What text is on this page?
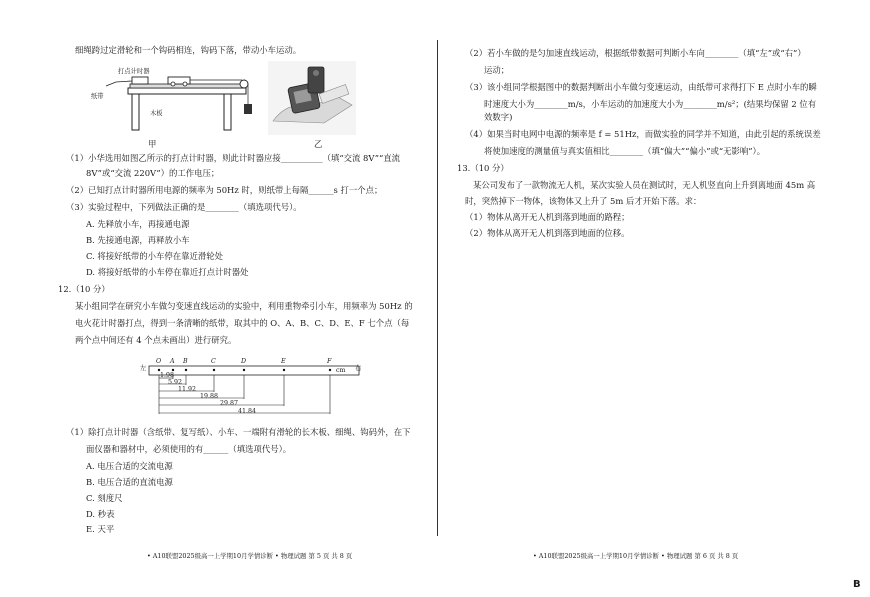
细绳跨过定滑轮和一个钩码相连，钩码下落，带动小车运动。
打点计时器
纸带
木板
甲	乙
（1）小华选用如图乙所示的打点计时器，则此计时器应接__________（填“交流 8V”“直流
8V”或“交流 220V”）的工作电压；
（2）已知打点计时器所用电源的频率为 50Hz 时，则纸带上每隔______s 打一个点；
（3）实验过程中，下列做法正确的是________（填选项代号）。
A. 先释放小车，再接通电源
B. 先接通电源，再释放小车
C. 将接好纸带的小车停在靠近滑轮处
D. 将接好纸带的小车停在靠近打点计时器处
12.（10 分）
某小组同学在研究小车做匀变速直线运动的实验中，利用重物牵引小车，用频率为 50Hz 的
电火花计时器打点，得到一条清晰的纸带，取其中的 O、A、B、C、D、E、F 七个点（每
两个点中间还有 4 个点未画出）进行研究。
左	右
cm
O A B	C	D	E	F
1.98
5.92
11.92
19.88
29.87
41.84
（1）除打点计时器（含纸带、复写纸）、小车、一端附有滑轮的长木板、细绳、钩码外，在下
面仪器和器材中，必须使用的有______（填选项代号）。
A. 电压合适的交流电源
B. 电压合适的直流电源
C. 刻度尺
D. 秒表
E. 天平
• A10联盟2025级高一上学期10月学情诊断 • 物理试题 第 5 页 共 8 页
（2）若小车做的是匀加速直线运动，根据纸带数据可判断小车向________（填“左”或“右”）
运动；
（3）该小组同学根据图中的数据判断出小车做匀变速运动，由纸带可求得打下 E 点时小车的瞬
时速度大小为________m/s，小车运动的加速度大小为________m/s²；(结果均保留 2 位有
效数字)
（4）如果当时电网中电源的频率是 f = 51Hz，而做实验的同学并不知道，由此引起的系统误差
将使加速度的测量值与真实值相比________（填“偏大”“偏小”或“无影响”）。
13.（10 分）
某公司发布了一款物流无人机，某次实验人员在测试时，无人机竖直向上升到离地面 45m 高
时，突然掉下一物体，该物体又上升了 5m 后才开始下落。求：
（1）物体从离开无人机到落到地面的路程；
（2）物体从离开无人机到落到地面的位移。
• A10联盟2025级高一上学期10月学情诊断 • 物理试题 第 6 页 共 8 页
B
